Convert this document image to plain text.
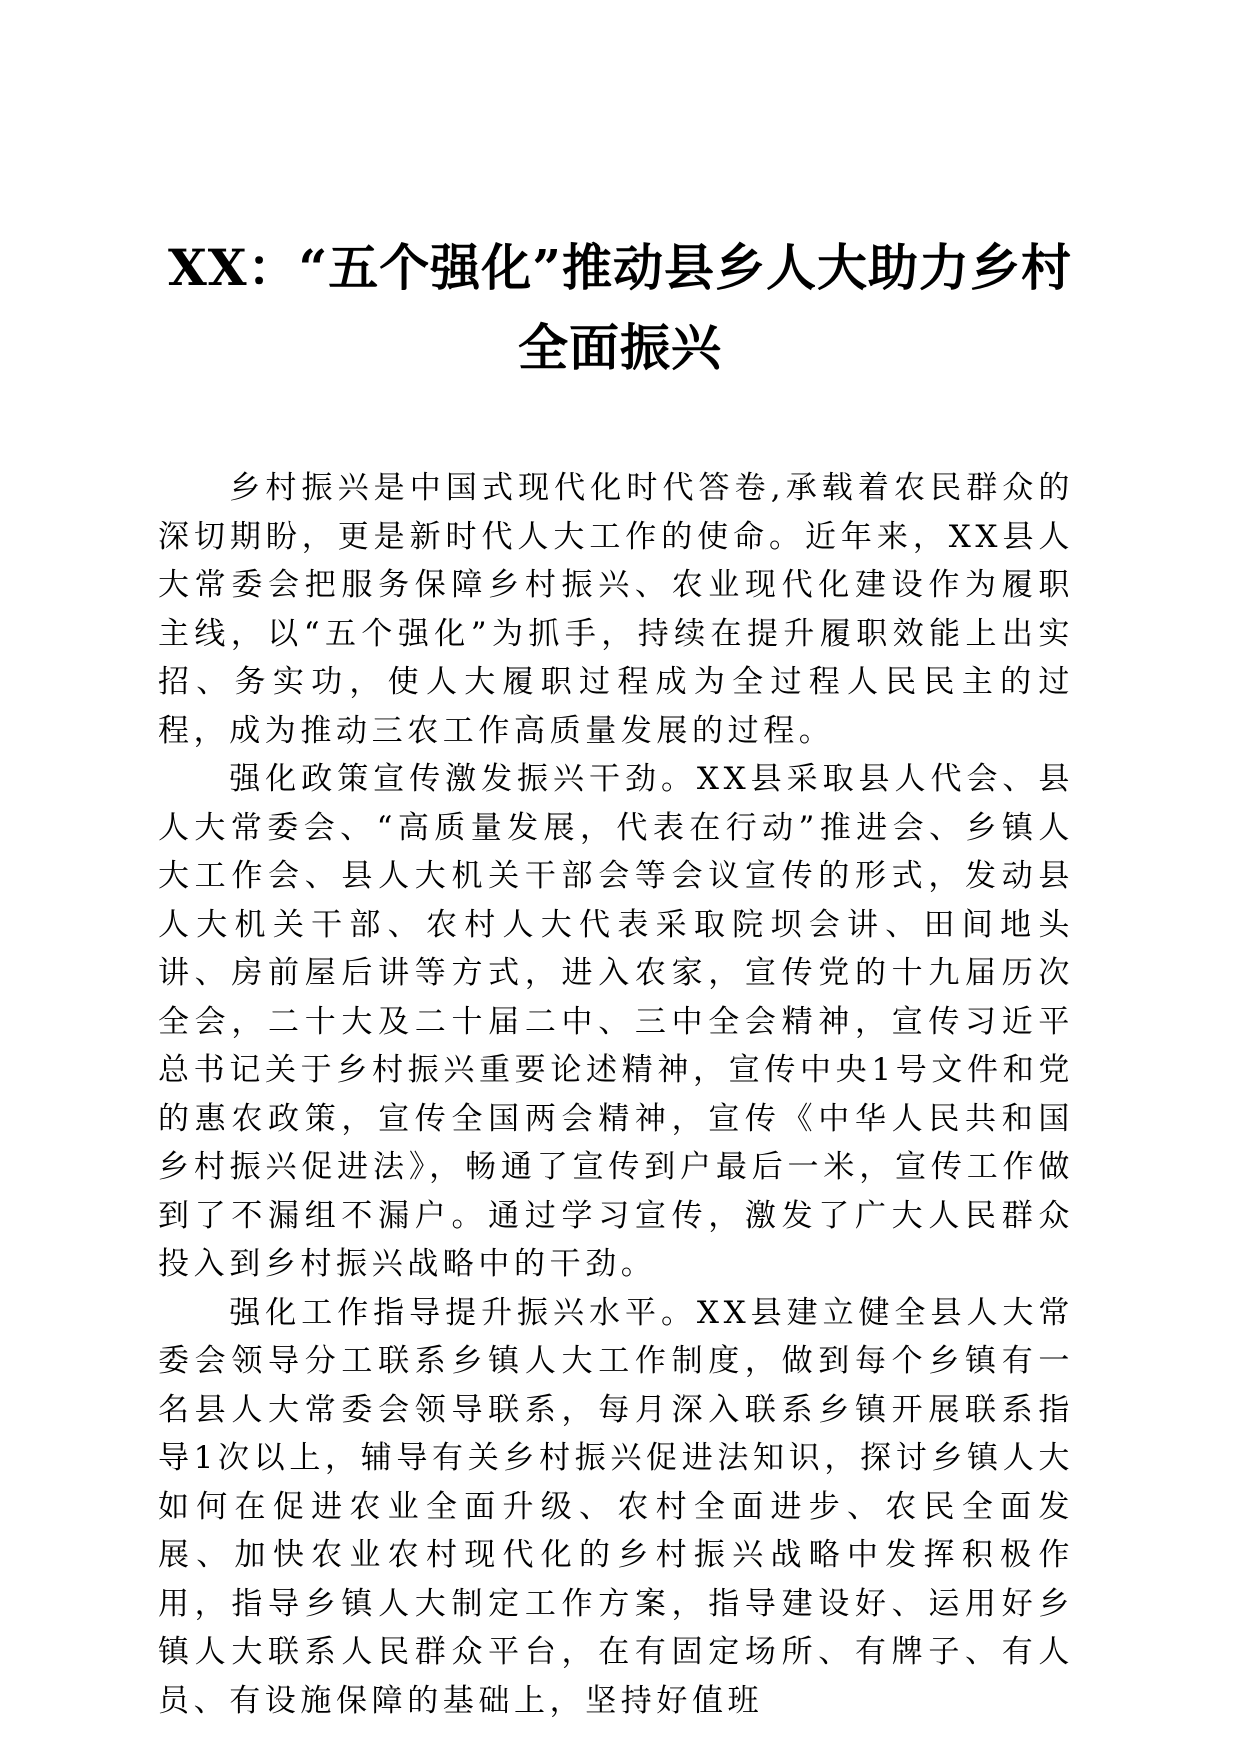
XX：“五个强化”推动县乡人大助力乡村全面振兴

乡村振兴是中国式现代化时代答卷,承载着农民群众的深切期盼，更是新时代人大工作的使命。近年来，XX县人大常委会把服务保障乡村振兴、农业现代化建设作为履职主线，以“五个强化”为抓手，持续在提升履职效能上出实招、务实功，使人大履职过程成为全过程人民民主的过程，成为推动三农工作高质量发展的过程。

强化政策宣传激发振兴干劲。XX县采取县人代会、县人大常委会、“高质量发展，代表在行动”推进会、乡镇人大工作会、县人大机关干部会等会议宣传的形式，发动县人大机关干部、农村人大代表采取院坝会讲、田间地头讲、房前屋后讲等方式，进入农家，宣传党的十九届历次全会，二十大及二十届二中、三中全会精神，宣传习近平总书记关于乡村振兴重要论述精神，宣传中央1号文件和党的惠农政策，宣传全国两会精神，宣传《中华人民共和国乡村振兴促进法》，畅通了宣传到户最后一米，宣传工作做到了不漏组不漏户。通过学习宣传，激发了广大人民群众投入到乡村振兴战略中的干劲。

强化工作指导提升振兴水平。XX县建立健全县人大常委会领导分工联系乡镇人大工作制度，做到每个乡镇有一名县人大常委会领导联系，每月深入联系乡镇开展联系指导1次以上，辅导有关乡村振兴促进法知识，探讨乡镇人大如何在促进农业全面升级、农村全面进步、农民全面发展、加快农业农村现代化的乡村振兴战略中发挥积极作用，指导乡镇人大制定工作方案，指导建设好、运用好乡镇人大联系人民群众平台，在有固定场所、有牌子、有人员、有设施保障的基础上，坚持好值班
